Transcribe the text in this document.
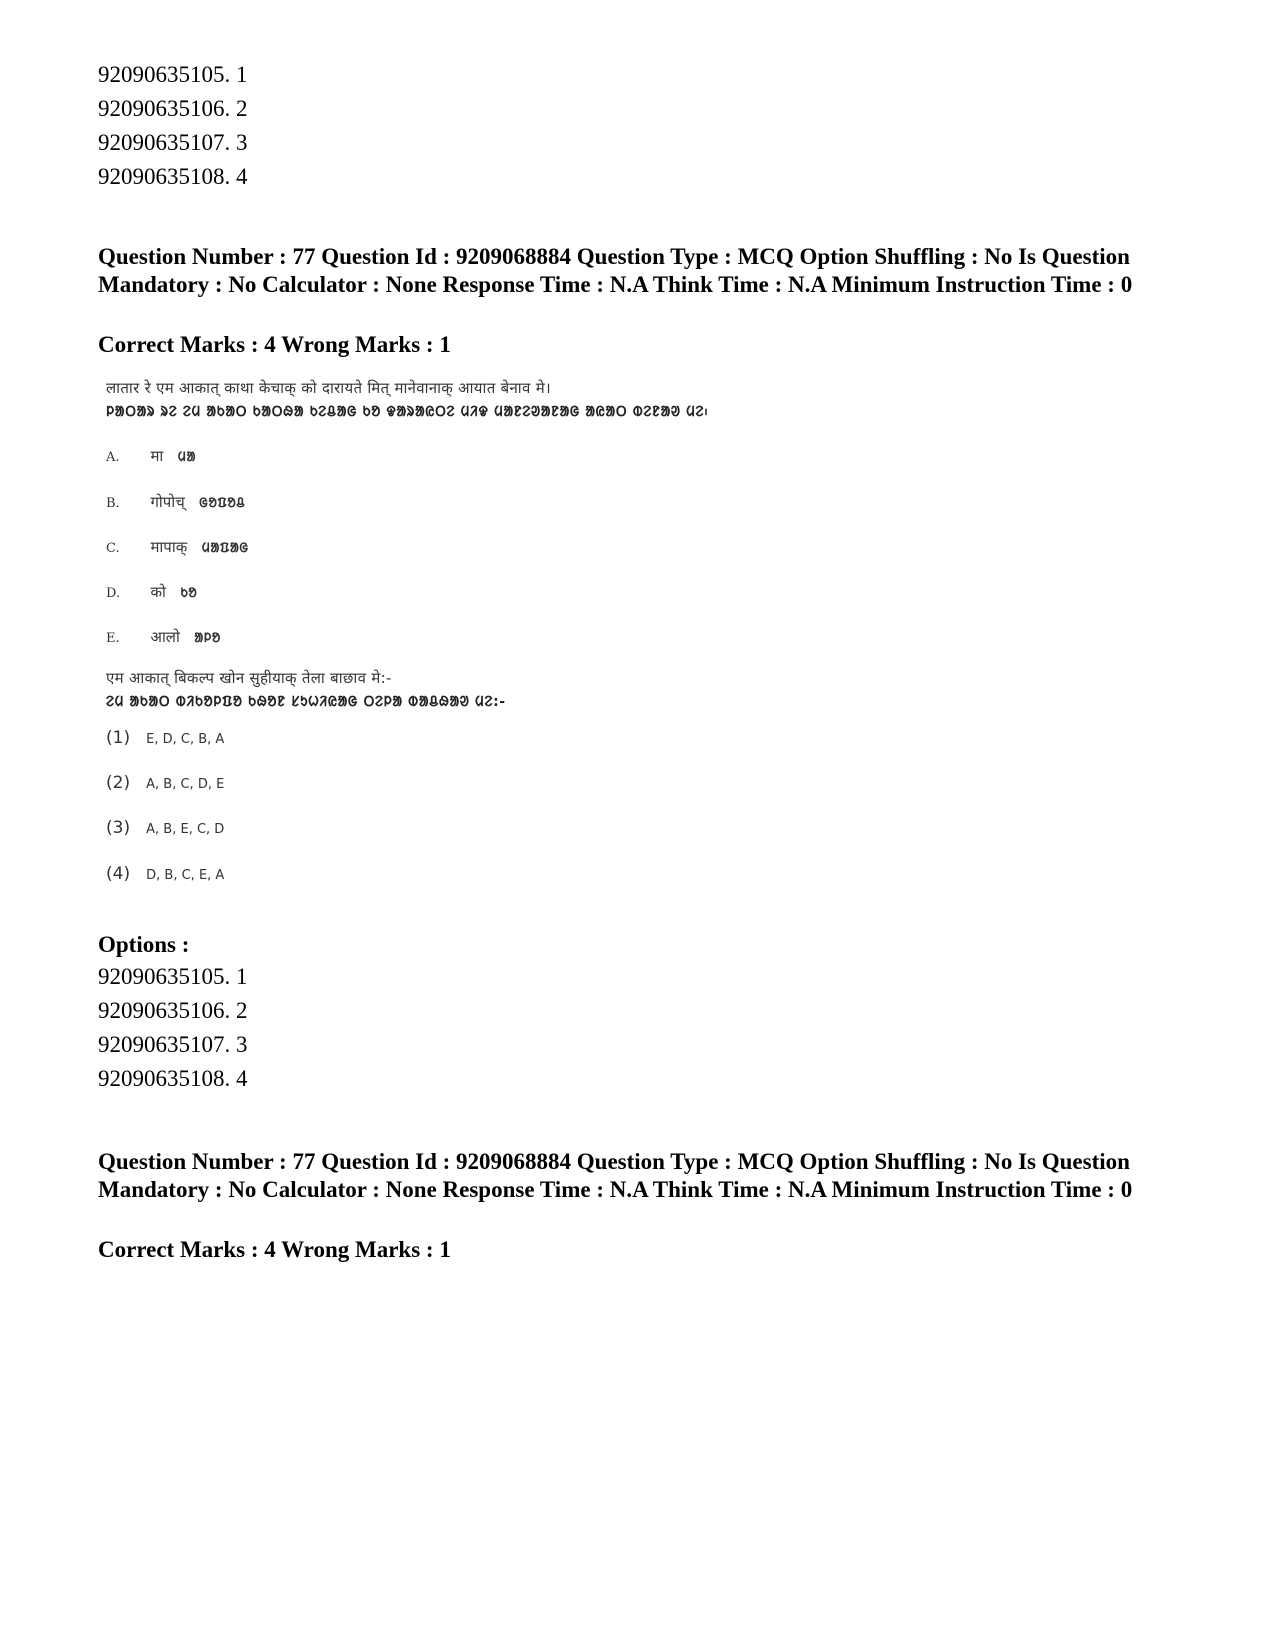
92090635105. 1
92090635106. 2
92090635107. 3
92090635108. 4
Question Number : 77 Question Id : 9209068884 Question Type : MCQ Option Shuffling : No Is Question Mandatory : No Calculator : None Response Time : N.A Think Time : N.A Minimum Instruction Time : 0
Correct Marks : 4 Wrong Marks : 1
लातार रे एम आकात् काथा केचाक् को दारायते मित् मानेवानाक् आयात बेनाव मे।
ᱞᱟᱛᱟᱨ ᱨᱮ ᱮᱢ ᱟᱠᱟᱛ ᱠᱟᱛᱷᱟ ᱠᱮᱪᱟᱜ ᱠᱚ ᱫᱟᱨᱟᱭᱛᱮ ᱢᱤᱫ ᱢᱟᱱᱮᱣᱟᱱᱟᱜ ᱟᱭᱟᱛ ᱵᱮᱱᱟᱣ ᱢᱮ᱾
A. मा ᱢᱟ
B. गोपोच् ᱜᱚᱯᱚᱪ
C. मापाक् ᱢᱟᱯᱟᱜ
D. को ᱠᱚ
E. आलो ᱟᱞᱚ
एम आकात् बिकल्प खोन सुहीयाक् तेला बाछाव मे:-
ᱮᱢ ᱟᱠᱟᱛ ᱵᱤᱠᱚᱞᱯᱚ ᱠᱷᱚᱱ ᱥᱩᱦᱤᱭᱟᱜ ᱛᱮᱞᱟ ᱵᱟᱪᱷᱟᱣ ᱢᱮ:-
(1) E, D, C, B, A
(2) A, B, C, D, E
(3) A, B, E, C, D
(4) D, B, C, E, A
Options :
92090635105. 1
92090635106. 2
92090635107. 3
92090635108. 4
Question Number : 77 Question Id : 9209068884 Question Type : MCQ Option Shuffling : No Is Question Mandatory : No Calculator : None Response Time : N.A Think Time : N.A Minimum Instruction Time : 0
Correct Marks : 4 Wrong Marks : 1
